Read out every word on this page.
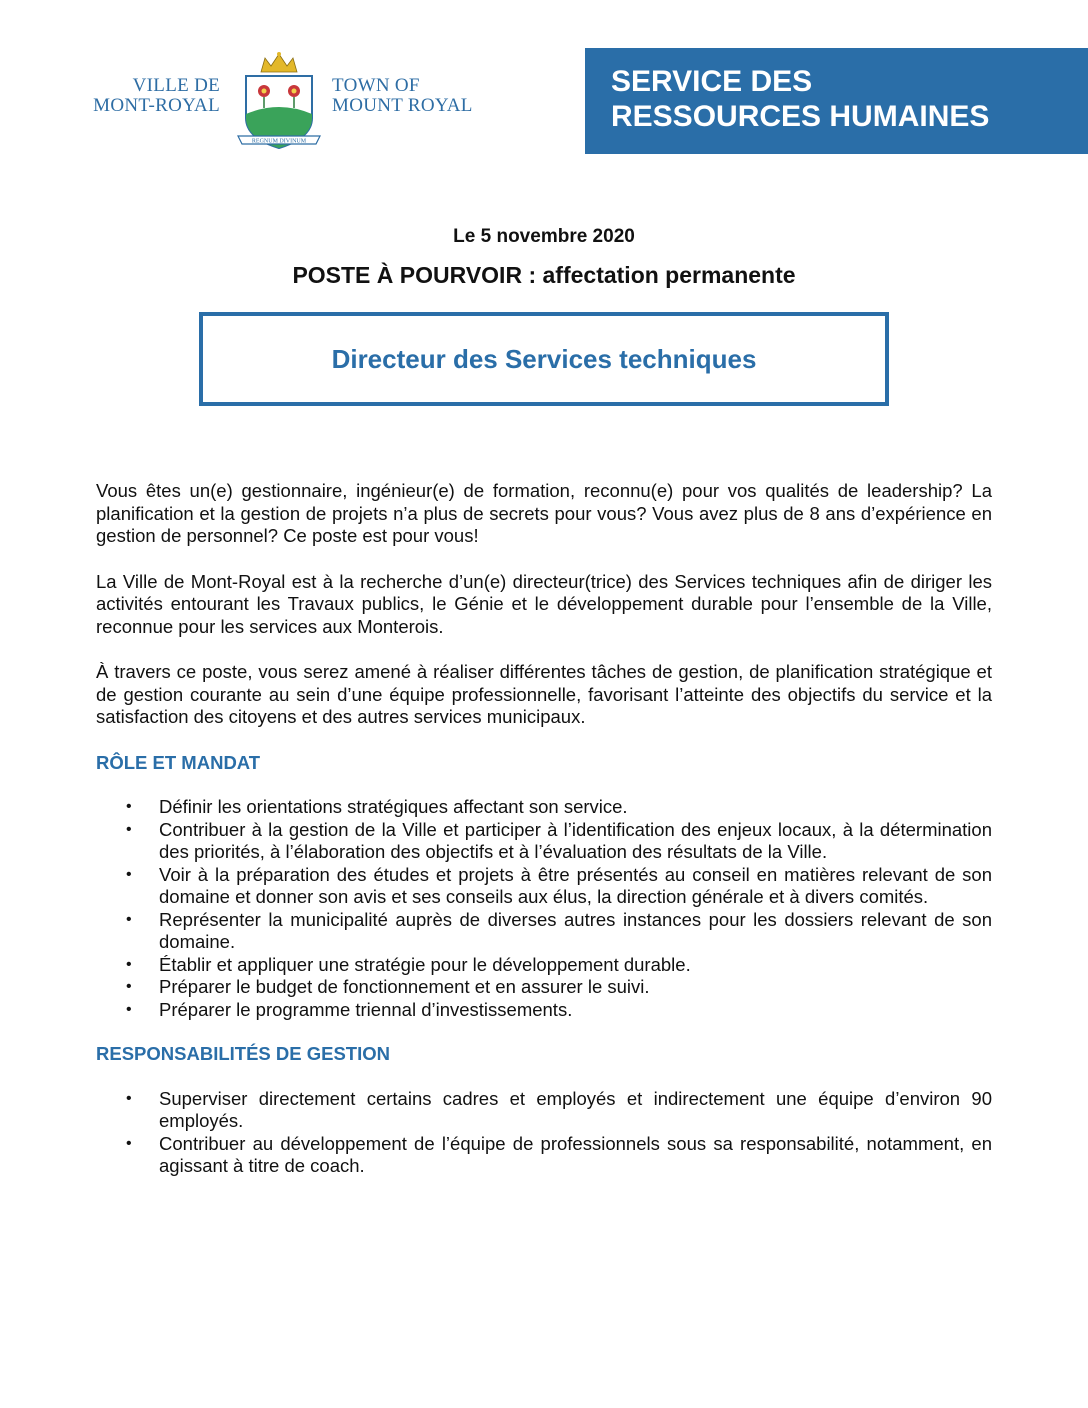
VILLE DE
MONT-ROYAL
REGNUM DIVINUM
TOWN OF
MOUNT ROYAL
SERVICE DES
RESSOURCES HUMAINES
Le 5 novembre 2020
POSTE À POURVOIR : affectation permanente
Directeur des Services techniques

Vous êtes un(e) gestionnaire, ingénieur(e) de formation, reconnu(e) pour vos qualités de leadership? La planification et la gestion de projets n’a plus de secrets pour vous? Vous avez plus de 8 ans d’expérience en gestion de personnel? Ce poste est pour vous!

La Ville de Mont-Royal est à la recherche d’un(e) directeur(trice) des Services techniques afin de diriger les activités entourant les Travaux publics, le Génie et le développement durable pour l’ensemble de la Ville, reconnue pour les services aux Monterois.

À travers ce poste, vous serez amené à réaliser différentes tâches de gestion, de planification stratégique et de gestion courante au sein d’une équipe professionnelle, favorisant l’atteinte des objectifs du service et la satisfaction des citoyens et des autres services municipaux.

RÔLE ET MANDAT
• Définir les orientations stratégiques affectant son service.
• Contribuer à la gestion de la Ville et participer à l’identification des enjeux locaux, à la détermination des priorités, à l’élaboration des objectifs et à l’évaluation des résultats de la Ville.
• Voir à la préparation des études et projets à être présentés au conseil en matières relevant de son domaine et donner son avis et ses conseils aux élus, la direction générale et à divers comités.
• Représenter la municipalité auprès de diverses autres instances pour les dossiers relevant de son domaine.
• Établir et appliquer une stratégie pour le développement durable.
• Préparer le budget de fonctionnement et en assurer le suivi.
• Préparer le programme triennal d’investissements.
RESPONSABILITÉS DE GESTION
• Superviser directement certains cadres et employés et indirectement une équipe d’environ 90 employés.
• Contribuer au développement de l’équipe de professionnels sous sa responsabilité, notamment, en agissant à titre de coach.
